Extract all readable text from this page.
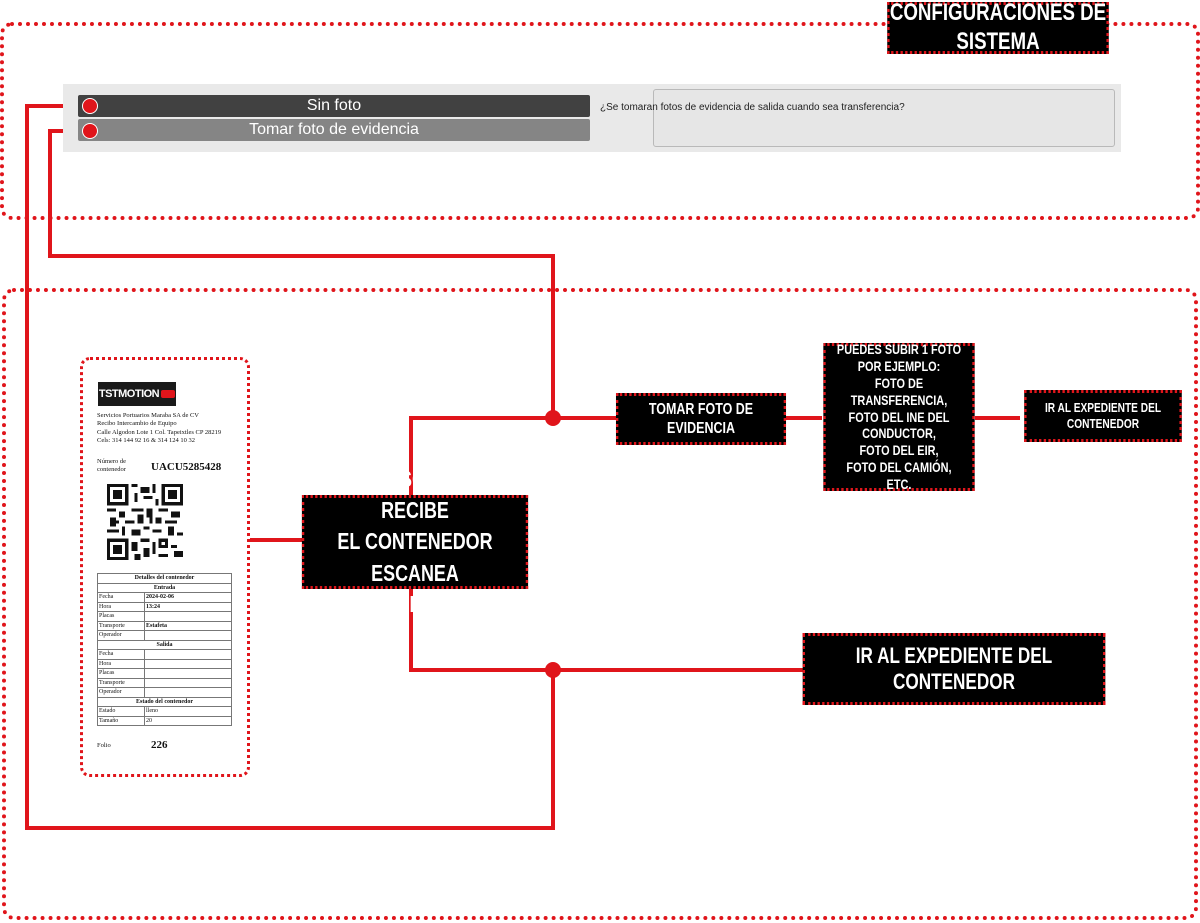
CONFIGURACIONES DE SISTEMA
Sin foto
Tomar foto de evidencia
¿Se tomaran fotos de evidencia de salida cuando sea transferencia?
LA PERSONA QUE RECIBE
EL CONTENEDOR ESCANEA
EL QR DEL EIR
TOMAR FOTO DE EVIDENCIA
PUEDES SUBIR 1 FOTO
POR EJEMPLO:
FOTO DE TRANSFERENCIA,
FOTO DEL INE DEL CONDUCTOR,
FOTO DEL EIR,
FOTO DEL CAMIÓN,
ETC.
IR AL EXPEDIENTE DEL CONTENEDOR
IR AL EXPEDIENTE DEL CONTENEDOR
TSTMOTION
Servicios Portuarios Maraba SA de CV
Recibo Intercambio de Equipo
Calle Algodon Lote 1 Col. Tapeixtles CP 28219
Cels: 314 144 92 16 & 314 124 10 32
Número de contenedor	UACU5285428
Detalles del contenedor	
Entrada	
Fecha	2024-02-06
Hora	13:24
Placas	
Transporte	Estafeta
Operador	
Salida	
Fecha	
Hora	
Placas	
Transporte	
Operador	
Estado del contenedor	
Estado	lleno
Tamaño	20
Folio	226
